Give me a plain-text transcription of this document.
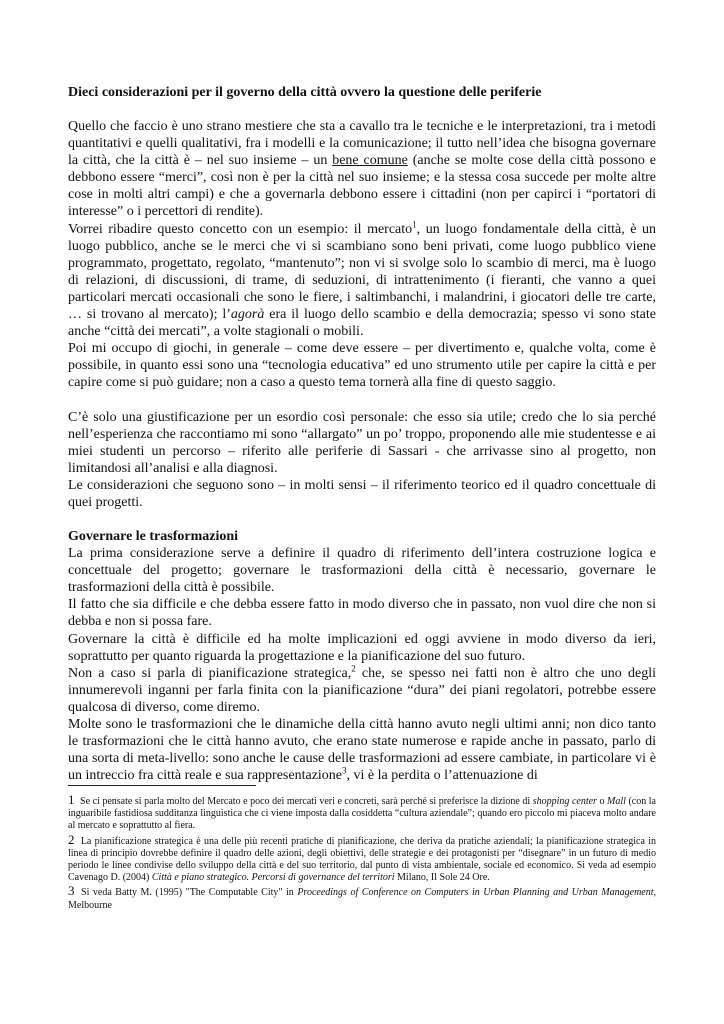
Dieci considerazioni per il governo della città ovvero la questione delle periferie

Quello che faccio è uno strano mestiere che sta a cavallo tra le tecniche e le interpretazioni, tra i metodi quantitativi e quelli qualitativi, fra i modelli e la comunicazione; il tutto nell’idea che bisogna governare la città, che la città è – nel suo insieme – un bene comune (anche se molte cose della città possono e debbono essere “merci”, così non è per la città nel suo insieme; e la stessa cosa succede per molte altre cose in molti altri campi) e che a governarla debbono essere i cittadini (non per capirci i “portatori di interesse” o i percettori di rendite).

Vorrei ribadire questo concetto con un esempio: il mercato$^1$, un luogo fondamentale della città, è un luogo pubblico, anche se le merci che vi si scambiano sono beni privati, come luogo pubblico viene programmato, progettato, regolato, “mantenuto”; non vi si svolge solo lo scambio di merci, ma è luogo di relazioni, di discussioni, di trame, di seduzioni, di intrattenimento (i fieranti, che vanno a quei particolari mercati occasionali che sono le fiere, i saltimbanchi, i malandrini, i giocatori delle tre carte, … si trovano al mercato); l’agorà era il luogo dello scambio e della democrazia; spesso vi sono state anche “città dei mercati”, a volte stagionali o mobili.

Poi mi occupo di giochi, in generale – come deve essere – per divertimento e, qualche volta, come è possibile, in quanto essi sono una “tecnologia educativa” ed uno strumento utile per capire la città e per capire come si può guidare; non a caso a questo tema tornerà alla fine di questo saggio.

C’è solo una giustificazione per un esordio così personale: che esso sia utile; credo che lo sia perché nell’esperienza che raccontiamo mi sono “allargato” un po’ troppo, proponendo alle mie studentesse e ai miei studenti un percorso – riferito alle periferie di Sassari - che arrivasse sino al progetto, non limitandosi all’analisi e alla diagnosi.

Le considerazioni che seguono sono – in molti sensi – il riferimento teorico ed il quadro concettuale di quei progetti.

Governare le trasformazioni

La prima considerazione serve a definire il quadro di riferimento dell’intera costruzione logica e concettuale del progetto; governare le trasformazioni della città è necessario, governare le trasformazioni della città è possibile.

Il fatto che sia difficile e che debba essere fatto in modo diverso che in passato, non vuol dire che non si debba e non si possa fare.

Governare la città è difficile ed ha molte implicazioni ed oggi avviene in modo diverso da ieri, soprattutto per quanto riguarda la progettazione e la pianificazione del suo futuro.

Non a caso si parla di pianificazione strategica,$^2$ che, se spesso nei fatti non è altro che uno degli innumerevoli inganni per farla finita con la pianificazione “dura” dei piani regolatori, potrebbe essere qualcosa di diverso, come diremo.

Molte sono le trasformazioni che le dinamiche della città hanno avuto negli ultimi anni; non dico tanto le trasformazioni che le città hanno avuto, che erano state numerose e rapide anche in passato, parlo di una sorta di meta-livello: sono anche le cause delle trasformazioni ad essere cambiate, in particolare vi è un intreccio fra città reale e sua rappresentazione$^3$, vi è la perdita o l’attenuazione di

1 Se ci pensate si parla molto del Mercato e poco dei mercati veri e concreti, sarà perché si preferisce la dizione di shopping center o Mall (con la inguaribile fastidiosa sudditanza linguistica che ci viene imposta dalla cosiddetta “cultura aziendale”; quando ero piccolo mi piaceva molto andare al mercato e soprattutto al fiera.

2 La pianificazione strategica è una delle più recenti pratiche di pianificazione, che deriva da pratiche aziendali; la pianificazione strategica in linea di principio dovrebbe definire il quadro delle azioni, degli obiettivi, delle strategie e dei protagonisti per “disegnare” in un futuro di medio periodo le linee condivise dello sviluppo della città e del suo territorio, dal punto di vista ambientale, sociale ed economico. Si veda ad esempio Cavenago D. (2004) Città e piano strategico. Percorsi di governance del territori Milano, Il Sole 24 Ore.

3 Si veda Batty M. (1995) "The Computable City" in Proceedings of Conference on Computers in Urban Planning and Urban Management, Melbourne
